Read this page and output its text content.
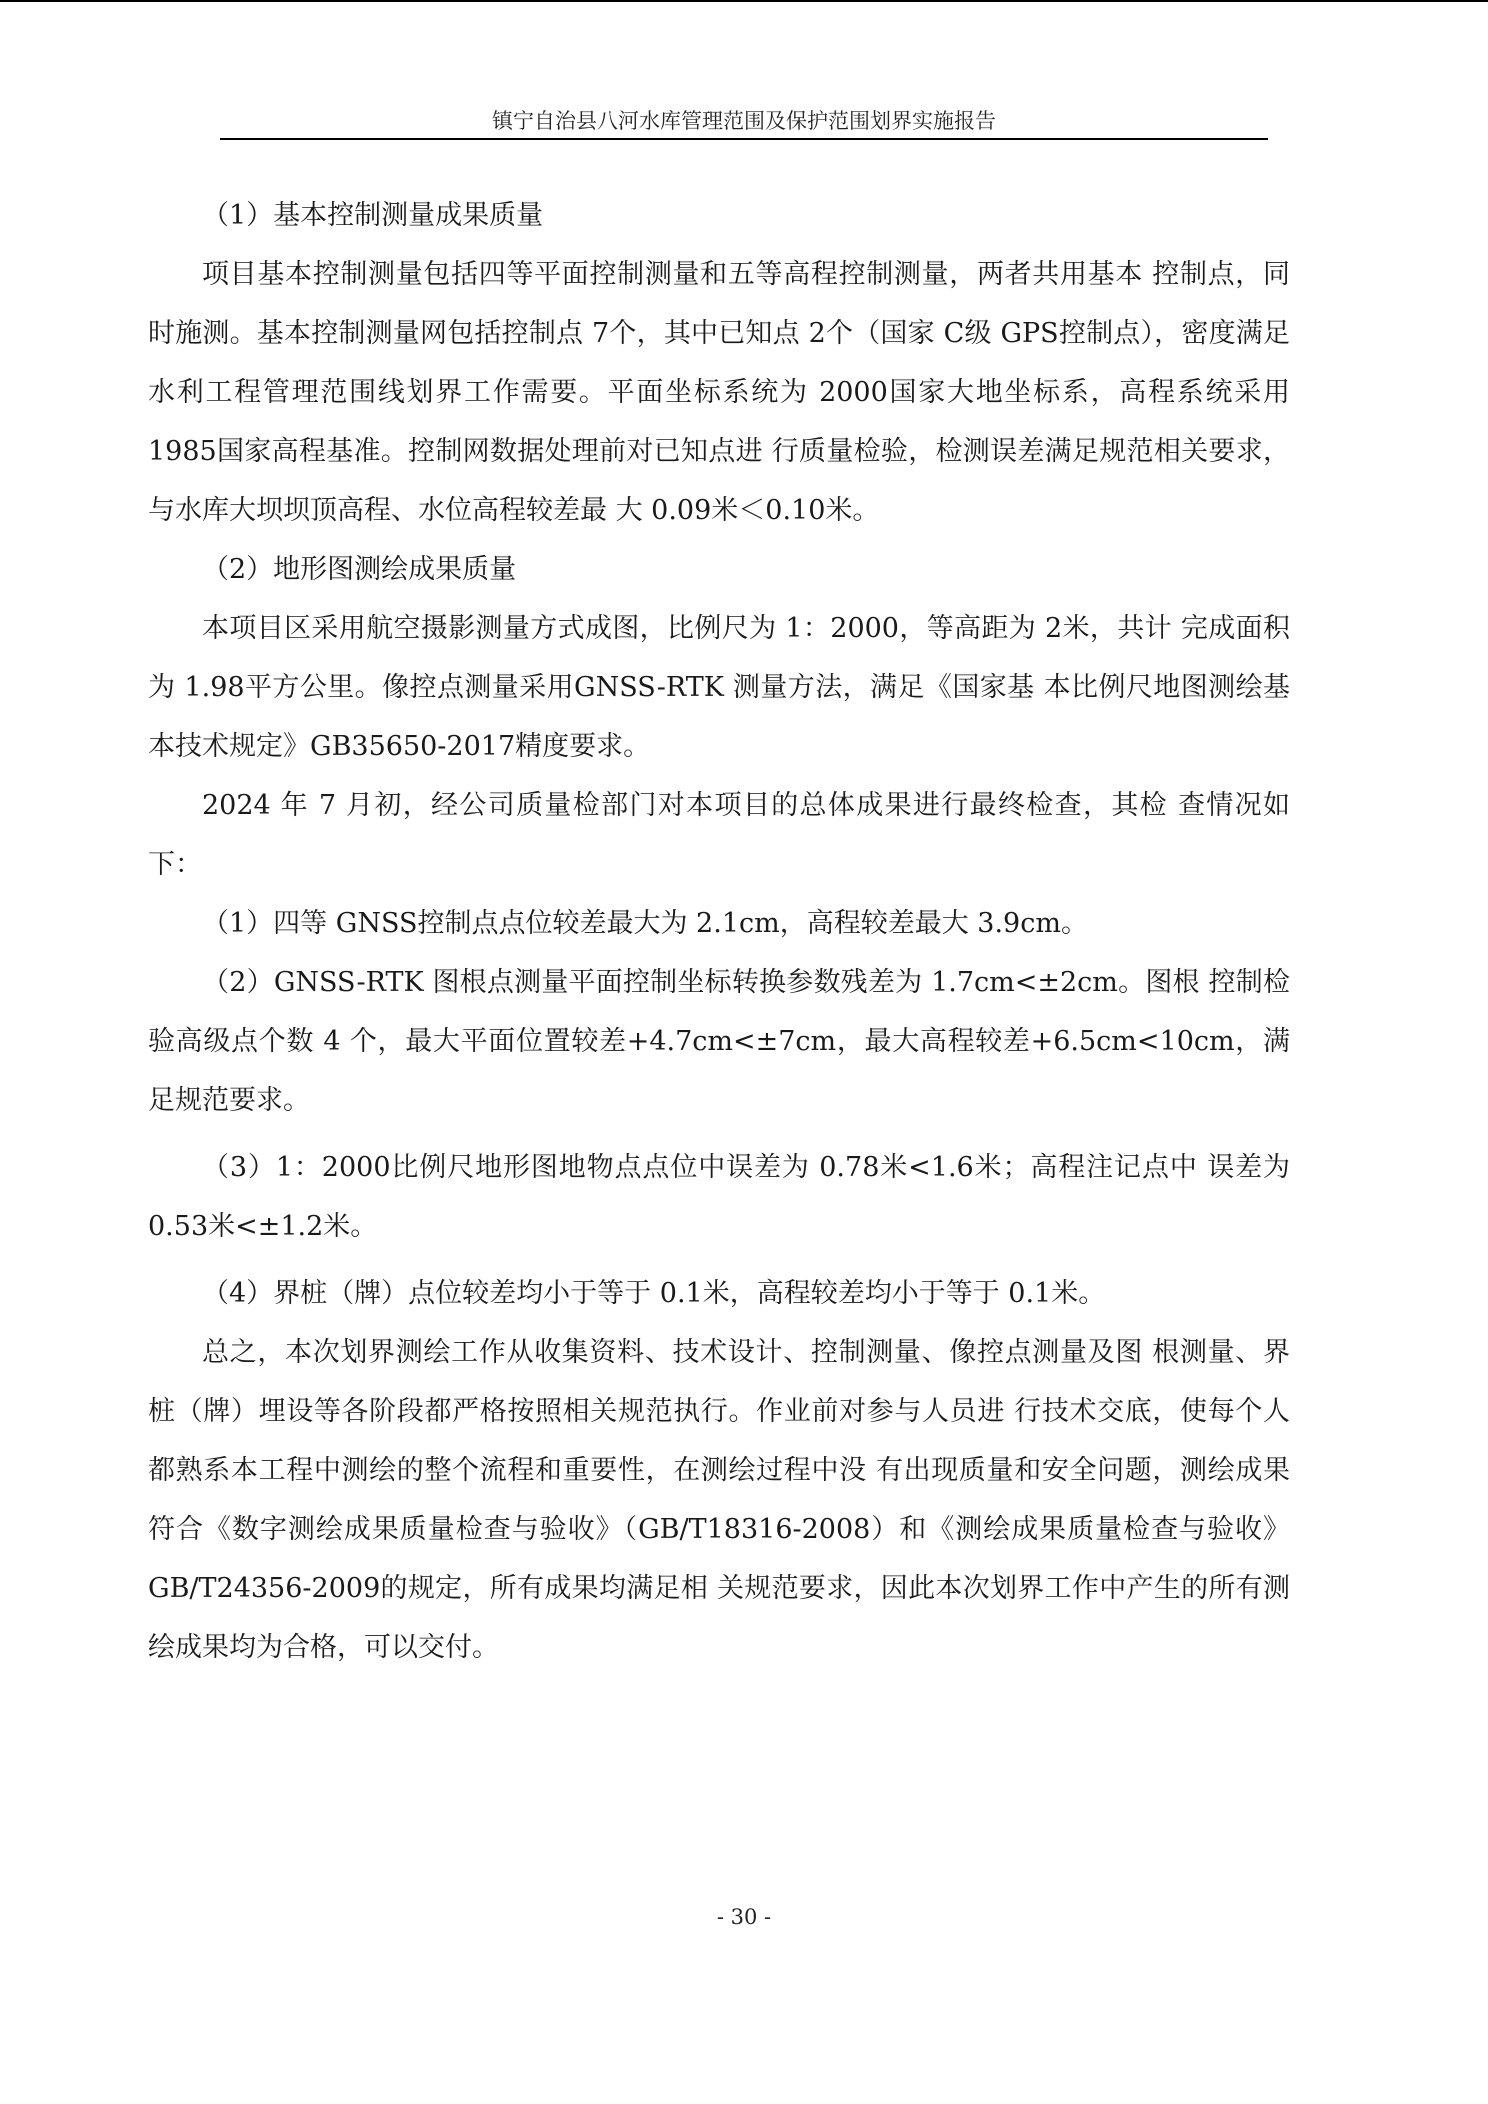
镇宁自治县八河水库管理范围及保护范围划界实施报告

（1）基本控制测量成果质量

项目基本控制测量包括四等平面控制测量和五等高程控制测量，两者共用基本 控制点，同时施测。基本控制测量网包括控制点 7个，其中已知点 2个（国家 C级 GPS控制点），密度满足水利工程管理范围线划界工作需要。平面坐标系统为 2000国家大地坐标系，高程系统采用 1985国家高程基准。控制网数据处理前对已知点进 行质量检验，检测误差满足规范相关要求，与水库大坝坝顶高程、水位高程较差最 大 0.09米＜0.10米。

（2）地形图测绘成果质量

本项目区采用航空摄影测量方式成图，比例尺为 1：2000，等高距为 2米，共计 完成面积为 1.98平方公里。像控点测量采用GNSS-RTK 测量方法，满足《国家基 本比例尺地图测绘基本技术规定》GB35650-2017精度要求。

2024 年 7 月初，经公司质量检部门对本项目的总体成果进行最终检查，其检 查情况如下：

（1）四等 GNSS控制点点位较差最大为 2.1cm，高程较差最大 3.9cm。

（2）GNSS-RTK 图根点测量平面控制坐标转换参数残差为 1.7cm<±2cm。图根 控制检验高级点个数 4 个，最大平面位置较差+4.7cm<±7cm，最大高程较差+6.5cm<10cm，满足规范要求。

（3）1：2000比例尺地形图地物点点位中误差为 0.78米<1.6米；高程注记点中 误差为 0.53米<±1.2米。

（4）界桩（牌）点位较差均小于等于 0.1米，高程较差均小于等于 0.1米。

总之，本次划界测绘工作从收集资料、技术设计、控制测量、像控点测量及图 根测量、界桩（牌）埋设等各阶段都严格按照相关规范执行。作业前对参与人员进 行技术交底，使每个人都熟系本工程中测绘的整个流程和重要性，在测绘过程中没 有出现质量和安全问题，测绘成果符合《数字测绘成果质量检查与验收》（GB/T18316-2008）和《测绘成果质量检查与验收》GB/T24356-2009的规定，所有成果均满足相 关规范要求，因此本次划界工作中产生的所有测绘成果均为合格，可以交付。

- 30 -
